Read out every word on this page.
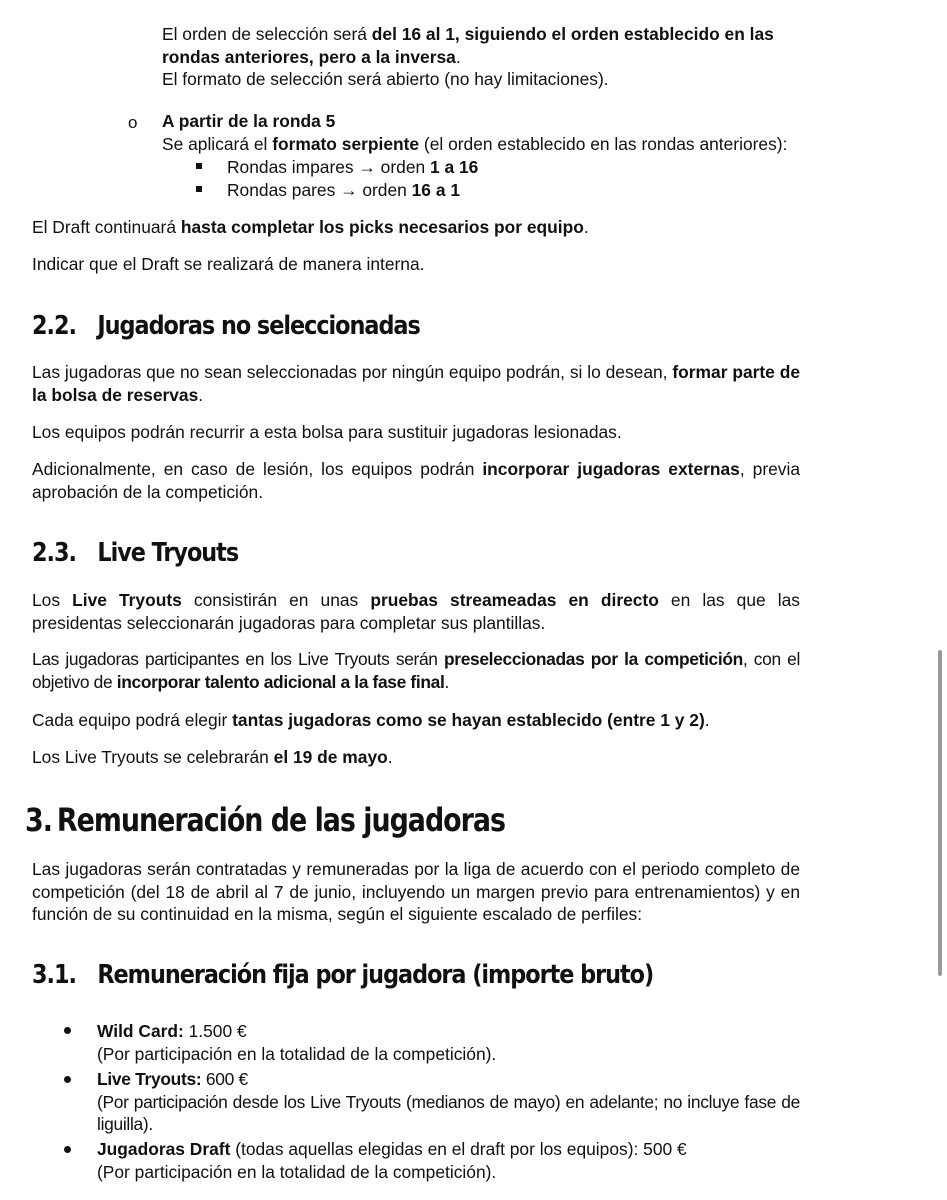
El orden de selección será del 16 al 1, siguiendo el orden establecido en las
rondas anteriores, pero a la inversa.
El formato de selección será abierto (no hay limitaciones).

o A partir de la ronda 5
Se aplicará el formato serpiente (el orden establecido en las rondas anteriores):

Rondas impares → orden 1 a 16

Rondas pares → orden 16 a 1

El Draft continuará hasta completar los picks necesarios por equipo.

Indicar que el Draft se realizará de manera interna.

2.2. Jugadoras no seleccionadas

Las jugadoras que no sean seleccionadas por ningún equipo podrán, si lo desean, formar parte de la bolsa de reservas.

Los equipos podrán recurrir a esta bolsa para sustituir jugadoras lesionadas.

Adicionalmente, en caso de lesión, los equipos podrán incorporar jugadoras externas, previa aprobación de la competición.

2.3. Live Tryouts

Los Live Tryouts consistirán en unas pruebas streameadas en directo en las que las presidentas seleccionarán jugadoras para completar sus plantillas.

Las jugadoras participantes en los Live Tryouts serán preseleccionadas por la competición, con el objetivo de incorporar talento adicional a la fase final.

Cada equipo podrá elegir tantas jugadoras como se hayan establecido (entre 1 y 2).

Los Live Tryouts se celebrarán el 19 de mayo.

3. Remuneración de las jugadoras

Las jugadoras serán contratadas y remuneradas por la liga de acuerdo con el periodo completo de competición (del 18 de abril al 7 de junio, incluyendo un margen previo para entrenamientos) y en función de su continuidad en la misma, según el siguiente escalado de perfiles:

3.1. Remuneración fija por jugadora (importe bruto)

Wild Card: 1.500 €
(Por participación en la totalidad de la competición).

Live Tryouts: 600 €
(Por participación desde los Live Tryouts (medianos de mayo) en adelante; no incluye fase de liguilla).

Jugadoras Draft (todas aquellas elegidas en el draft por los equipos): 500 €
(Por participación en la totalidad de la competición).
